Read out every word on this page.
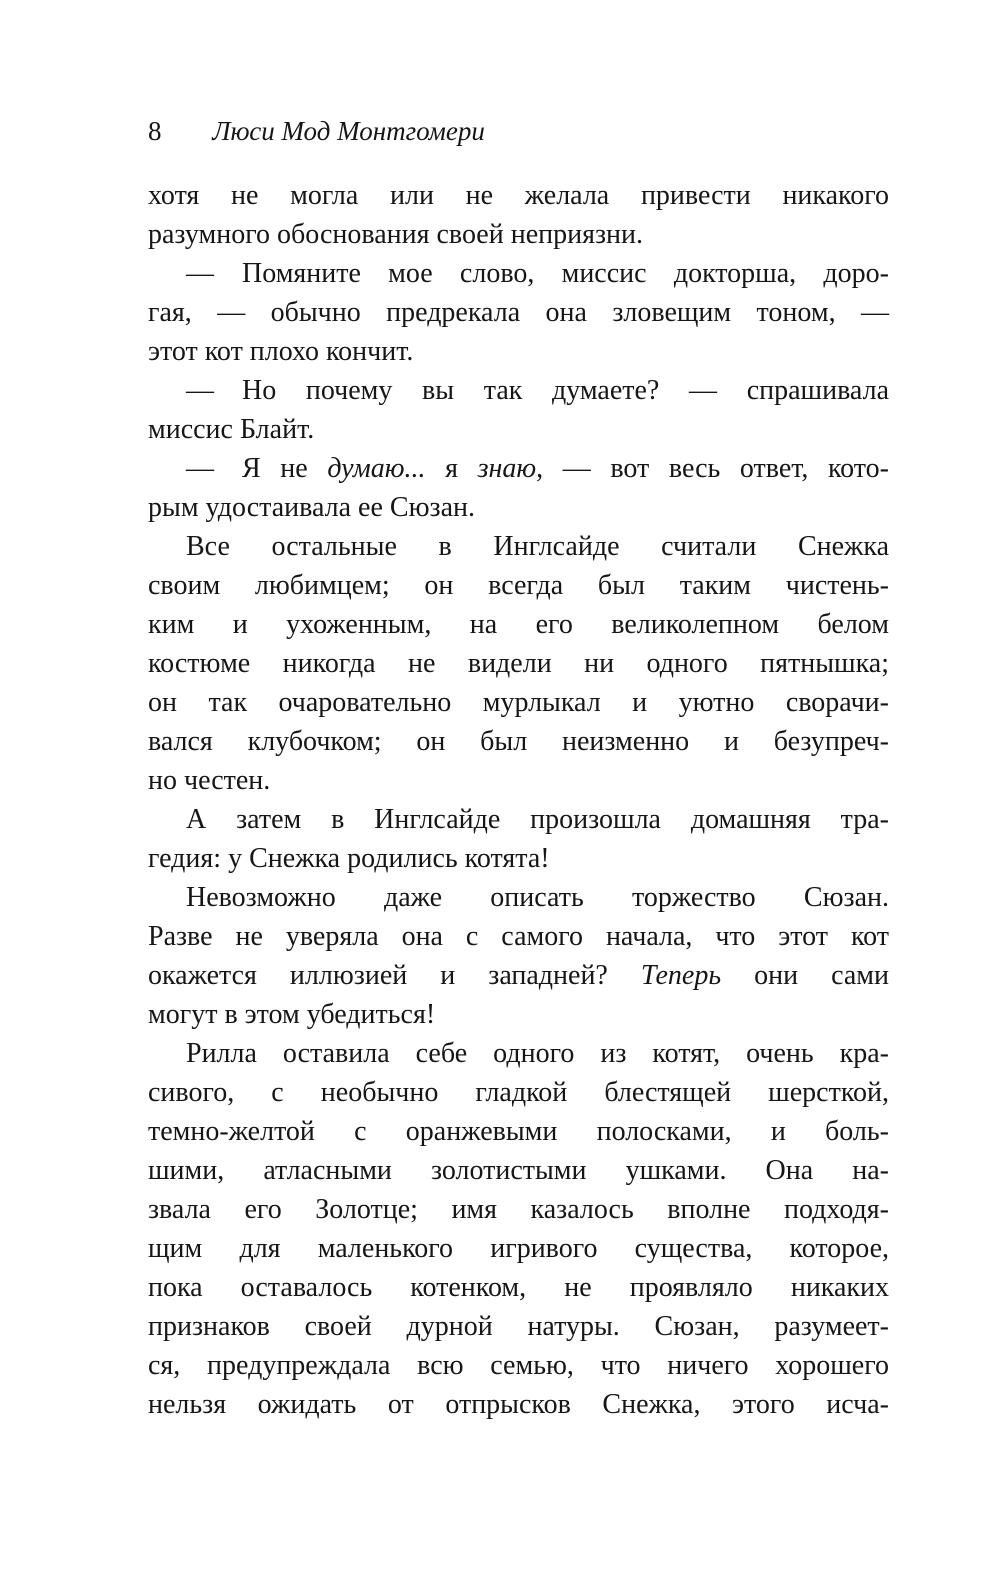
8 Люси Мод Монтгомери
хотя не могла или не желала привести никакого
разумного обоснования своей неприязни.
— Помяните мое слово, миссис докторша, доро-
гая, — обычно предрекала она зловещим тоном, —
этот кот плохо кончит.
— Но почему вы так думаете? — спрашивала
миссис Блайт.
— Я не думаю... я знаю, — вот весь ответ, кото-
рым удостаивала ее Сюзан.
Все остальные в Инглсайде считали Снежка
своим любимцем; он всегда был таким чистень-
ким и ухоженным, на его великолепном белом
костюме никогда не видели ни одного пятнышка;
он так очаровательно мурлыкал и уютно сворачи-
вался клубочком; он был неизменно и безупреч-
но честен.
А затем в Инглсайде произошла домашняя тра-
гедия: у Снежка родились котята!
Невозможно даже описать торжество Сюзан.
Разве не уверяла она с самого начала, что этот кот
окажется иллюзией и западней? Теперь они сами
могут в этом убедиться!
Рилла оставила себе одного из котят, очень кра-
сивого, с необычно гладкой блестящей шерсткой,
темно-желтой с оранжевыми полосками, и боль-
шими, атласными золотистыми ушками. Она на-
звала его Золотце; имя казалось вполне подходя-
щим для маленького игривого существа, которое,
пока оставалось котенком, не проявляло никаких
признаков своей дурной натуры. Сюзан, разумеет-
ся, предупреждала всю семью, что ничего хорошего
нельзя ожидать от отпрысков Снежка, этого исча-
